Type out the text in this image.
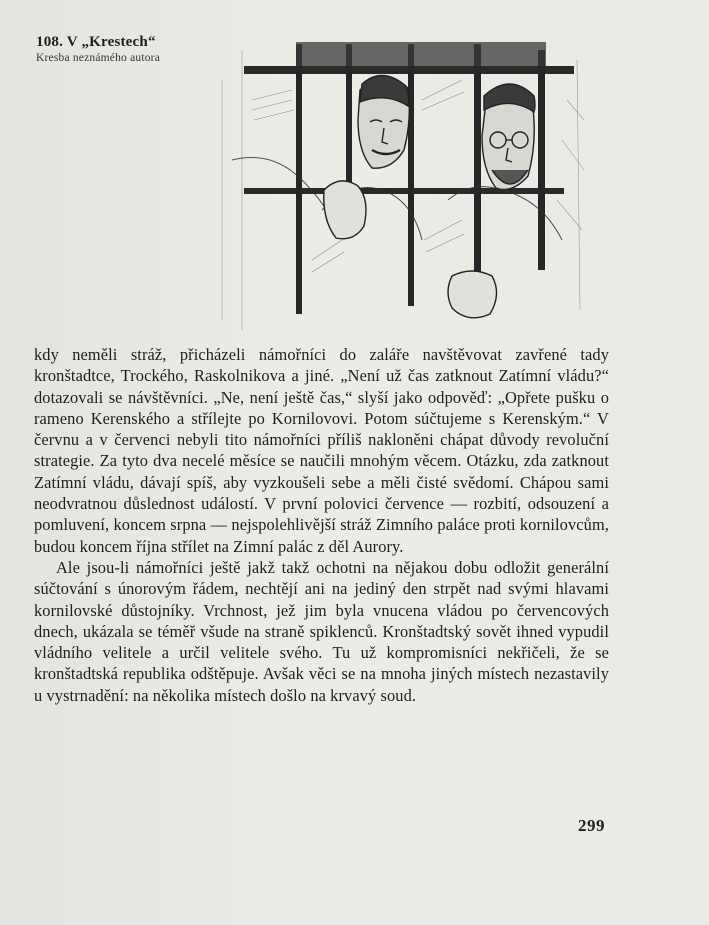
108. V „Krestech“
Kresba neznámého autora

kdy neměli stráž, přicházeli námořníci do zaláře navštěvovat zavřené tady kronštadtce, Trockého, Raskolnikova a jiné. „Není už čas zatknout Zatímní vládu?“ dotazovali se návštěvníci. „Ne, není ještě čas,“ slyší jako odpověď: „Opřete pušku o rameno Kerenského a střílejte po Kornilovovi. Potom súčtujeme s Kerenským.“ V červnu a v červenci nebyli tito námořníci příliš nakloněni chápat důvody revoluční strategie. Za tyto dva necelé měsíce se naučili mnohým věcem. Otázku, zda zatknout Zatímní vládu, dávají spíš, aby vyzkoušeli sebe a měli čisté svědomí. Chápou sami neodvratnou důslednost událostí. V první polovici července — rozbití, odsouzení a pomluvení, koncem srpna — nejspolehlivější stráž Zimního paláce proti kornilovcům, budou koncem října střílet na Zimní palác z děl Aurory.

Ale jsou-li námořníci ještě jakž takž ochotni na nějakou dobu odložit generální súčtování s únorovým řádem, nechtějí ani na jediný den strpět nad svými hlavami kornilovské důstojníky. Vrchnost, jež jim byla vnucena vládou po červencových dnech, ukázala se téměř všude na straně spiklenců. Kronštadtský sovět ihned vypudil vládního velitele a určil velitele svého. Tu už kompromisníci nekřičeli, že se kronštadtská republika odštěpuje. Avšak věci se na mnoha jiných místech nezastavily u vystrnadění: na několika místech došlo na krvavý soud.

299
